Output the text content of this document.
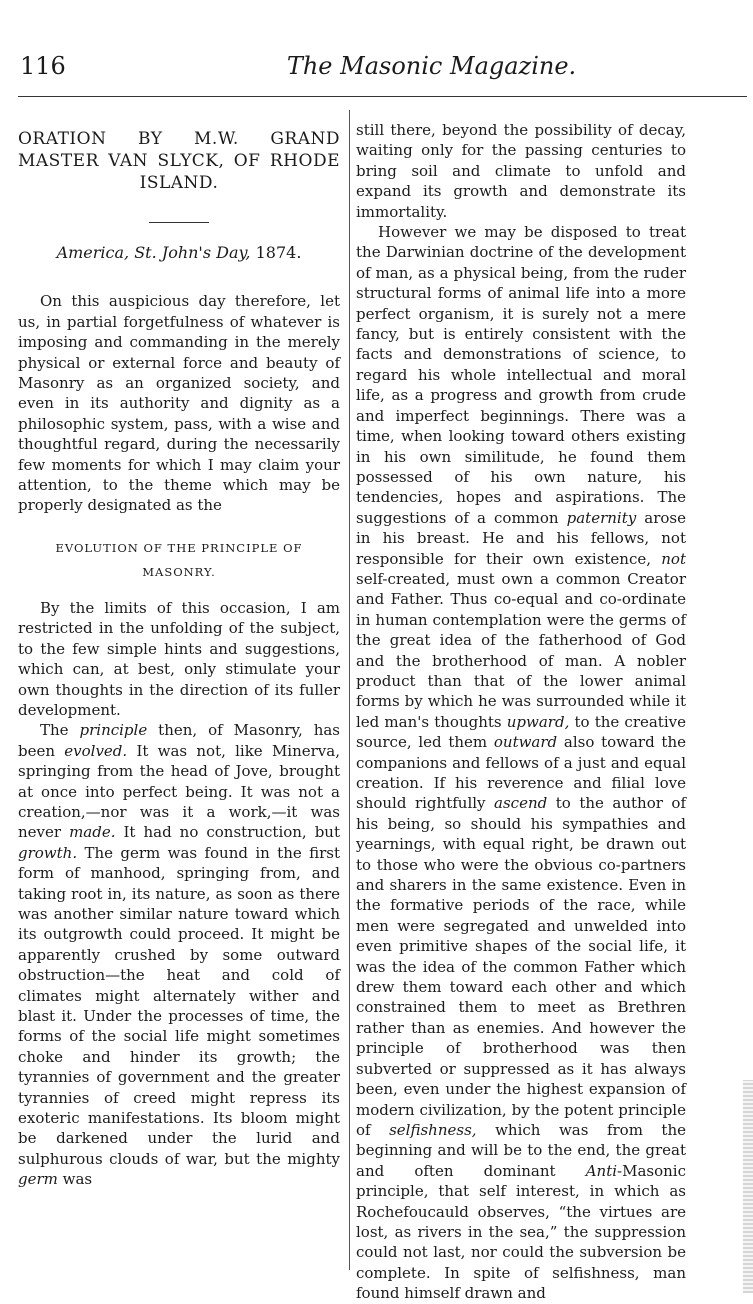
116	The Masonic Magazine.
ORATION BY M.W. GRAND
MASTER VAN SLYCK, OF RHODE
ISLAND.
America, St. John's Day, 1874.

On this auspicious day therefore, let us, in partial forgetfulness of whatever is imposing and commanding in the merely physical or external force and beauty of Masonry as an organized society, and even in its authority and dignity as a philosophic system, pass, with a wise and thoughtful regard, during the necessarily few moments for which I may claim your attention, to the theme which may be properly designated as the

EVOLUTION OF THE PRINCIPLE OF
MASONRY.

By the limits of this occasion, I am restricted in the unfolding of the subject, to the few simple hints and suggestions, which can, at best, only stimulate your own thoughts in the direction of its fuller development.

The principle then, of Masonry, has been evolved. It was not, like Minerva, springing from the head of Jove, brought at once into perfect being. It was not a creation,—nor was it a work,—it was never made. It had no construction, but growth. The germ was found in the first form of manhood, springing from, and taking root in, its nature, as soon as there was another similar nature toward which its outgrowth could proceed. It might be apparently crushed by some outward obstruction—the heat and cold of climates might alternately wither and blast it. Under the processes of time, the forms of the social life might sometimes choke and hinder its growth; the tyrannies of government and the greater tyrannies of creed might repress its exoteric manifestations. Its bloom might be darkened under the lurid and sulphurous clouds of war, but the mighty germ was

still there, beyond the possibility of decay, waiting only for the passing centuries to bring soil and climate to unfold and expand its growth and demonstrate its immortality.

However we may be disposed to treat the Darwinian doctrine of the development of man, as a physical being, from the ruder structural forms of animal life into a more perfect organism, it is surely not a mere fancy, but is entirely consistent with the facts and demonstrations of science, to regard his whole intellectual and moral life, as a progress and growth from crude and imperfect beginnings. There was a time, when looking toward others existing in his own similitude, he found them possessed of his own nature, his tendencies, hopes and aspirations. The suggestions of a common paternity arose in his breast. He and his fellows, not responsible for their own existence, not self-created, must own a common Creator and Father. Thus co-equal and co-ordinate in human contemplation were the germs of the great idea of the fatherhood of God and the brotherhood of man. A nobler product than that of the lower animal forms by which he was surrounded while it led man's thoughts upward, to the creative source, led them outward also toward the companions and fellows of a just and equal creation. If his reverence and filial love should rightfully ascend to the author of his being, so should his sympathies and yearnings, with equal right, be drawn out to those who were the obvious co-partners and sharers in the same existence. Even in the formative periods of the race, while men were segregated and unwelded into even primitive shapes of the social life, it was the idea of the common Father which drew them toward each other and which constrained them to meet as Brethren rather than as enemies. And however the principle of brotherhood was then subverted or suppressed as it has always been, even under the highest expansion of modern civilization, by the potent principle of selfishness, which was from the beginning and will be to the end, the great and often dominant Anti-Masonic principle, that self interest, in which as Rochefoucauld observes, “the virtues are lost, as rivers in the sea,” the suppression could not last, nor could the subversion be complete. In spite of selfishness, man found himself drawn and
